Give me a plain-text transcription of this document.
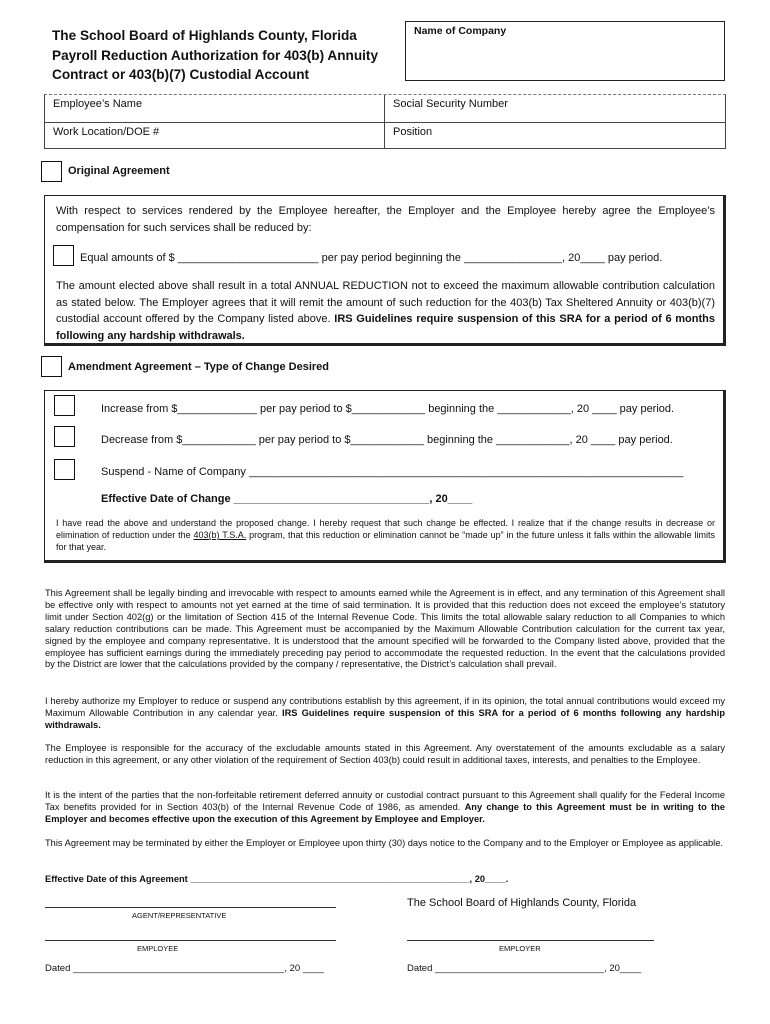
The School Board of Highlands County, Florida
Payroll Reduction Authorization for 403(b) Annuity
Contract or 403(b)(7) Custodial Account
Name of Company
Employee’s Name	Social Security Number
Work Location/DOE #	Position
Original Agreement
With respect to services rendered by the Employee hereafter, the Employer and the Employee hereby agree the Employee’s compensation for such services shall be reduced by:
Equal amounts of $ _______________________ per pay period beginning the ________________, 20____ pay period.
The amount elected above shall result in a total ANNUAL REDUCTION not to exceed the maximum allowable contribution calculation as stated below. The Employer agrees that it will remit the amount of such reduction for the 403(b) Tax Sheltered Annuity or 403(b)(7) custodial account offered by the Company listed above. IRS Guidelines require suspension of this SRA for a period of 6 months following any hardship withdrawals.
Amendment Agreement – Type of Change Desired
Increase from $_____________ per pay period to $____________ beginning the ____________, 20 ____ pay period.
Decrease from $____________ per pay period to $____________ beginning the ____________, 20 ____ pay period.
Suspend - Name of Company _______________________________________________________________________
Effective Date of Change ________________________________, 20____
I have read the above and understand the proposed change. I hereby request that such change be effected. I realize that if the change results in decrease or elimination of reduction under the 403(b) T.S.A. program, that this reduction or elimination cannot be “made up” in the future unless it falls within the allowable limits for that year.
This Agreement shall be legally binding and irrevocable with respect to amounts earned while the Agreement is in effect, and any termination of this Agreement shall be effective only with respect to amounts not yet earned at the time of said termination. It is provided that this reduction does not exceed the employee’s statutory limit under Section 402(g) or the limitation of Section 415 of the Internal Revenue Code. This limits the total allowable salary reduction to all Companies to which salary reduction contributions can be made. This Agreement must be accompanied by the Maximum Allowable Contribution calculation for the current tax year, signed by the employee and company representative. It is understood that the amount specified will be forwarded to the Company listed above, provided that the employee has sufficient earnings during the immediately preceding pay period to accommodate the requested reduction. In the event that the calculations provided by the District are lower that the calculations provided by the company / representative, the District’s calculation shall prevail.
I hereby authorize my Employer to reduce or suspend any contributions establish by this agreement, if in its opinion, the total annual contributions would exceed my Maximum Allowable Contribution in any calendar year. IRS Guidelines require suspension of this SRA for a period of 6 months following any hardship withdrawals.
The Employee is responsible for the accuracy of the excludable amounts stated in this Agreement. Any overstatement of the amounts excludable as a salary reduction in this agreement, or any other violation of the requirement of Section 403(b) could result in additional taxes, interests, and penalties to the Employee.
It is the intent of the parties that the non-forfeitable retirement deferred annuity or custodial contract pursuant to this Agreement shall qualify for the Federal Income Tax benefits provided for in Section 403(b) of the Internal Revenue Code of 1986, as amended. Any change to this Agreement must be in writing to the Employer and becomes effective upon the execution of this Agreement by Employee and Employer.
This Agreement may be terminated by either the Employer or Employee upon thirty (30) days notice to the Company and to the Employer or Employee as applicable.
Effective Date of this Agreement ______________________________________________________, 20____.
AGENT/REPRESENTATIVE
The School Board of Highlands County, Florida
EMPLOYEE	EMPLOYER
Dated ________________________________________, 20 ____	Dated ________________________________, 20____
